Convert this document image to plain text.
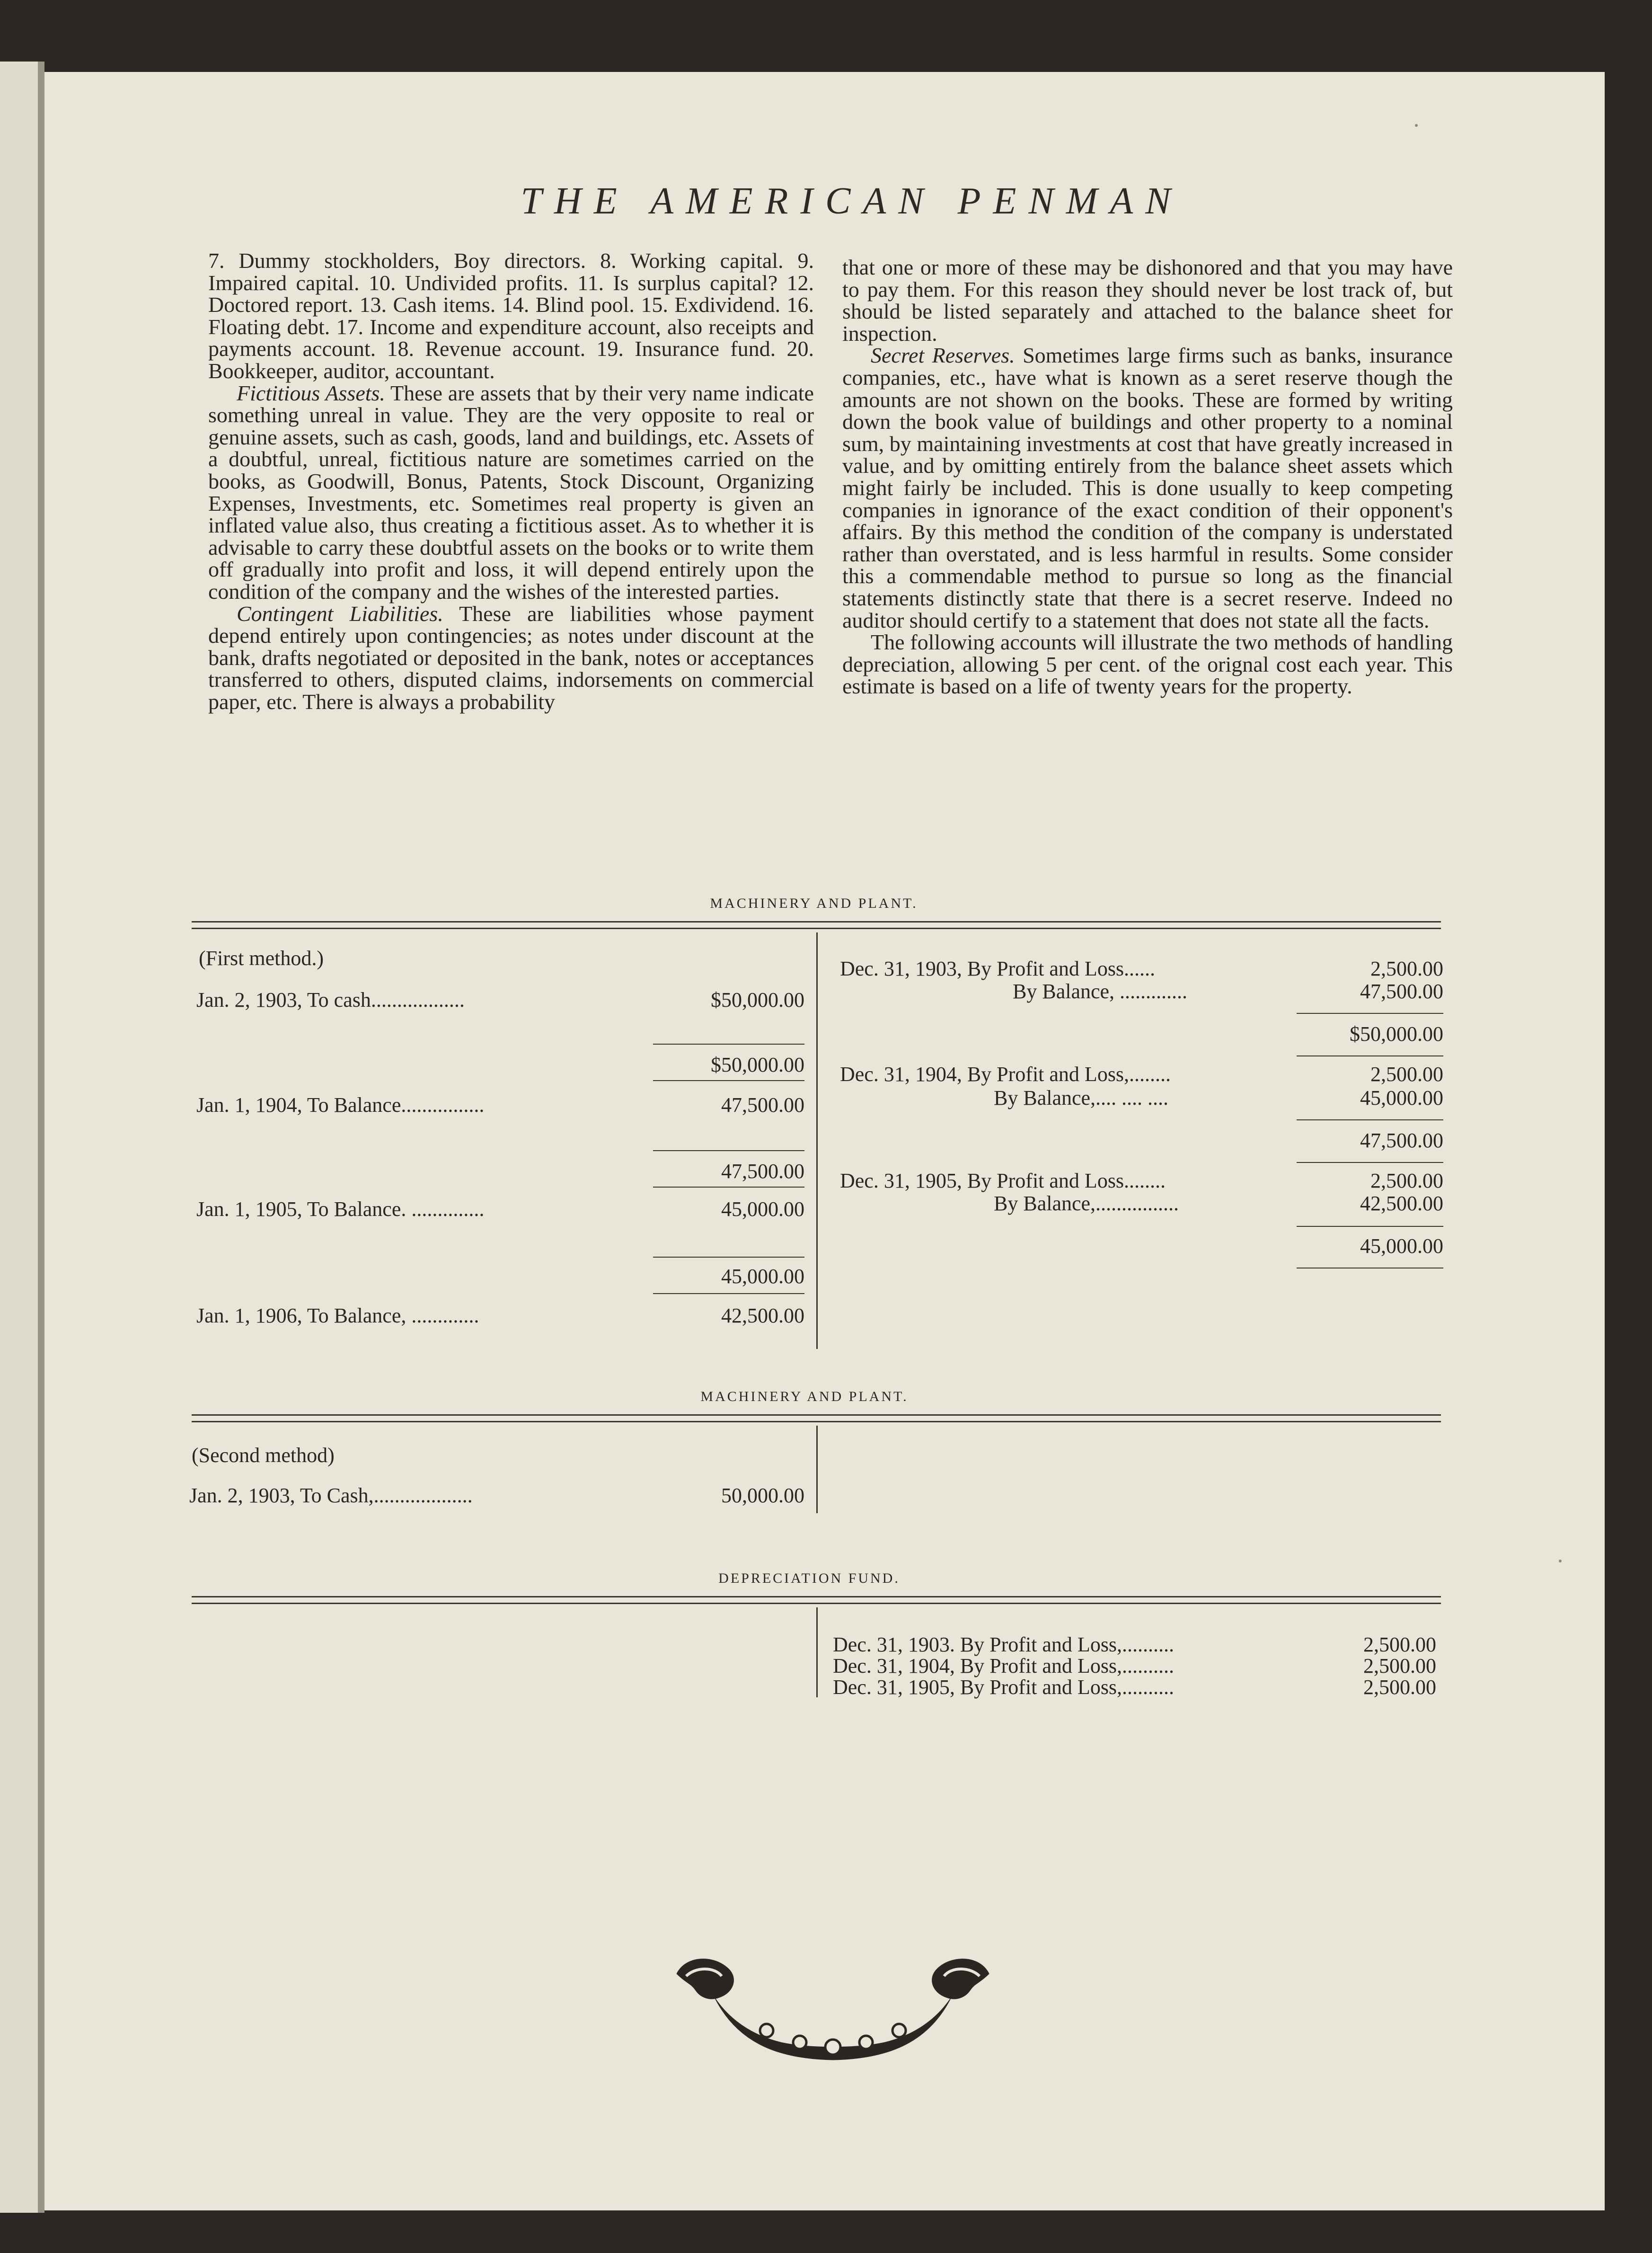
THE AMERICAN PENMAN

7. Dummy stockholders, Boy directors. 8. Working capital. 9. Impaired capital. 10. Undivided profits. 11. Is surplus capital? 12. Doctored report. 13. Cash items. 14. Blind pool. 15. Exdividend. 16. Floating debt. 17. Income and expenditure account, also receipts and payments account. 18. Revenue account. 19. Insurance fund. 20. Bookkeeper, auditor, accountant.

Fictitious Assets. These are assets that by their very name indicate something unreal in value. They are the very opposite to real or genuine assets, such as cash, goods, land and buildings, etc. Assets of a doubtful, unreal, fictitious nature are sometimes carried on the books, as Goodwill, Bonus, Patents, Stock Discount, Organizing Expenses, Investments, etc. Sometimes real property is given an inflated value also, thus creating a fictitious asset. As to whether it is advisable to carry these doubtful assets on the books or to write them off gradually into profit and loss, it will depend entirely upon the condition of the company and the wishes of the interested parties.

Contingent Liabilities. These are liabilities whose payment depend entirely upon contingencies; as notes under discount at the bank, drafts negotiated or deposited in the bank, notes or acceptances transferred to others, disputed claims, indorsements on commercial paper, etc. There is always a probability

that one or more of these may be dishonored and that you may have to pay them. For this reason they should never be lost track of, but should be listed separately and attached to the balance sheet for inspection.

Secret Reserves. Sometimes large firms such as banks, insurance companies, etc., have what is known as a seret reserve though the amounts are not shown on the books. These are formed by writing down the book value of buildings and other property to a nominal sum, by maintaining investments at cost that have greatly increased in value, and by omitting entirely from the balance sheet assets which might fairly be included. This is done usually to keep competing companies in ignorance of the exact condition of their opponent's affairs. By this method the condition of the company is understated rather than overstated, and is less harmful in results. Some consider this a commendable method to pursue so long as the financial statements distinctly state that there is a secret reserve. Indeed no auditor should certify to a statement that does not state all the facts.

The following accounts will illustrate the two methods of handling depreciation, allowing 5 per cent. of the orignal cost each year. This estimate is based on a life of twenty years for the property.

MACHINERY AND PLANT.
(First method.)
Jan. 2, 1903, To cash..................	$50,000.00
$50,000.00
Jan. 1, 1904, To Balance................	47,500.00
47,500.00
Jan. 1, 1905, To Balance. ..............	45,000.00
45,000.00
Jan. 1, 1906, To Balance, .............	42,500.00
Dec. 31, 1903, By Profit and Loss......	2,500.00
By Balance, .............	47,500.00
$50,000.00
Dec. 31, 1904, By Profit and Loss,........	2,500.00
By Balance,.... .... ....	45,000.00
47,500.00
Dec. 31, 1905, By Profit and Loss........	2,500.00
By Balance,................	42,500.00
45,000.00
MACHINERY AND PLANT.
(Second method)
Jan. 2, 1903, To Cash,...................	50,000.00
DEPRECIATION FUND.
Dec. 31, 1903. By Profit and Loss,..........	2,500.00
Dec. 31, 1904, By Profit and Loss,..........	2,500.00
Dec. 31, 1905, By Profit and Loss,..........	2,500.00
